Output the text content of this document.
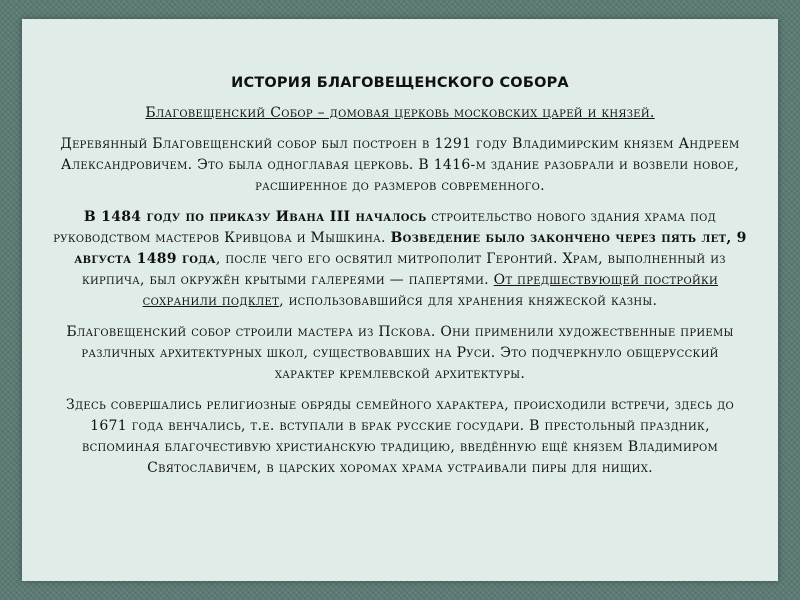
ИСТОРИЯ БЛАГОВЕЩЕНСКОГО СОБОРА

Благовещенский Собор – домовая церковь московских царей и князей.

Деревянный Благовещенский собор был построен в 1291 году Владимирским князем Андреем Александровичем. Это была одноглавая церковь. В 1416-м здание разобрали и возвели новое, расширенное до размеров современного.

В 1484 году по приказу Ивана III началось строительство нового здания храма под руководством мастеров Кривцова и Мышкина. Возведение было закончено через пять лет, 9 августа 1489 года, после чего его освятил митрополит Геронтий. Храм, выполненный из кирпича, был окружён крытыми галереями — папертями. От предшествующей постройки сохранили подклет, использовавшийся для хранения княжеской казны.

Благовещенский собор строили мастера из Пскова. Они применили художественные приемы различных архитектурных школ, существовавших на Руси. Это подчеркнуло общерусский характер кремлевской архитектуры.

Здесь совершались религиозные обряды семейного характера, происходили встречи, здесь до 1671 года венчались, т.е. вступали в брак русские государи. В престольный праздник, вспоминая благочестивую христианскую традицию, введённую ещё князем Владимиром Святославичем, в царских хоромах храма устраивали пиры для нищих.
